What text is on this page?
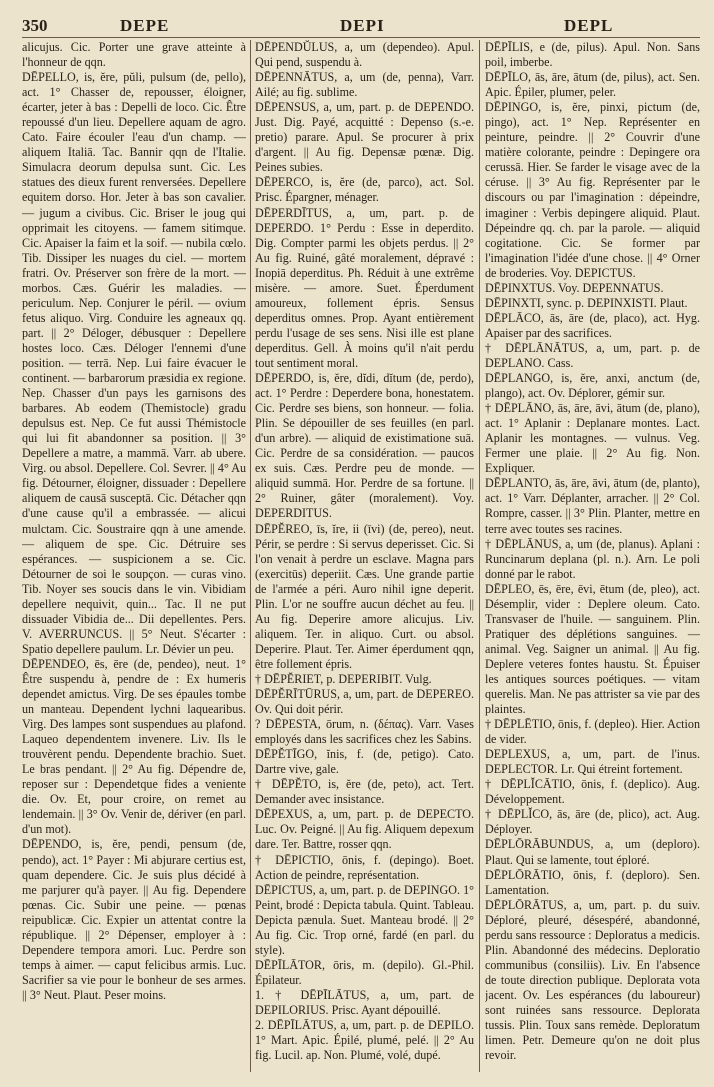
350	DEPE	DEPI	DEPL

alicujus. Cic. Porter une grave atteinte à l'honneur de qqn.

DĒPELLO, is, ĕre, pŭli, pulsum (de, pello), act. 1° Chasser de, repousser, éloigner, écarter, jeter à bas : Depelli de loco. Cic. Être repoussé d'un lieu. Depellere aquam de agro. Cato. Faire écouler l'eau d'un champ. — aliquem Italiā. Tac. Bannir qqn de l'Italie. Simulacra deorum depulsa sunt. Cic. Les statues des dieux furent renversées. Depellere equitem dorso. Hor. Jeter à bas son cavalier. — jugum a civibus. Cic. Briser le joug qui opprimait les citoyens. — famem sitimque. Cic. Apaiser la faim et la soif. — nubila cœlo. Tib. Dissiper les nuages du ciel. — mortem fratri. Ov. Préserver son frère de la mort. — morbos. Cæs. Guérir les maladies. — periculum. Nep. Conjurer le péril. — ovium fetus aliquo. Virg. Conduire les agneaux qq. part. || 2° Déloger, débusquer : Depellere hostes loco. Cæs. Déloger l'ennemi d'une position. — terrā. Nep. Lui faire évacuer le continent. — barbarorum præsidia ex regione. Nep. Chasser d'un pays les garnisons des barbares. Ab eodem (Themistocle) gradu depulsus est. Nep. Ce fut aussi Thémistocle qui lui fit abandonner sa position. || 3° Depellere a matre, a mammā. Varr. ab ubere. Virg. ou absol. Depellere. Col. Sevrer. || 4° Au fig. Détourner, éloigner, dissuader : Depellere aliquem de causā susceptā. Cic. Détacher qqn d'une cause qu'il a embrassée. — alicui mulctam. Cic. Soustraire qqn à une amende. — aliquem de spe. Cic. Détruire ses espérances. — suspicionem a se. Cic. Détourner de soi le soupçon. — curas vino. Tib. Noyer ses soucis dans le vin. Vibidiam depellere nequivit, quin... Tac. Il ne put dissuader Vibidia de... Dii depellentes. Pers. V. AVERRUNCUS. || 5° Neut. S'écarter : Spatio depellere paulum. Lr. Dévier un peu.

DĒPENDEO, ēs, ēre (de, pendeo), neut. 1° Être suspendu à, pendre de : Ex humeris dependet amictus. Virg. De ses épaules tombe un manteau. Dependent lychni laquearibus. Virg. Des lampes sont suspendues au plafond. Laqueo dependentem invenere. Liv. Ils le trouvèrent pendu. Dependente brachio. Suet. Le bras pendant. || 2° Au fig. Dépendre de, reposer sur : Dependetque fides a veniente die. Ov. Et, pour croire, on remet au lendemain. || 3° Ov. Venir de, dériver (en parl. d'un mot).

DĒPENDO, is, ĕre, pendi, pensum (de, pendo), act. 1° Payer : Mi abjurare certius est, quam dependere. Cic. Je suis plus décidé à me parjurer qu'à payer. || Au fig. Dependere pœnas. Cic. Subir une peine. — pœnas reipublicæ. Cic. Expier un attentat contre la république. || 2° Dépenser, employer à : Dependere tempora amori. Luc. Perdre son temps à aimer. — caput felicibus armis. Luc. Sacrifier sa vie pour le bonheur de ses armes. || 3° Neut. Plaut. Peser moins.

DĒPENDŬLUS, a, um (dependeo). Apul. Qui pend, suspendu à.

DĒPENNĀTUS, a, um (de, penna), Varr. Ailé; au fig. sublime.

DĒPENSUS, a, um, part. p. de DEPENDO. Just. Dig. Payé, acquitté : Depenso (s.-e. pretio) parare. Apul. Se procurer à prix d'argent. || Au fig. Depensæ pœnæ. Dig. Peines subies.

DĒPERCO, is, ĕre (de, parco), act. Sol. Prisc. Épargner, ménager.

DĒPERDĪTUS, a, um, part. p. de DEPERDO. 1° Perdu : Esse in deperdito. Dig. Compter parmi les objets perdus. || 2° Au fig. Ruiné, gâté moralement, dépravé : Inopiā deperditus. Ph. Réduit à une extrême misère. — amore. Suet. Éperdument amoureux, follement épris. Sensus deperditus omnes. Prop. Ayant entièrement perdu l'usage de ses sens. Nisi ille est plane deperditus. Gell. À moins qu'il n'ait perdu tout sentiment moral.

DĒPERDO, is, ĕre, dĭdi, dĭtum (de, perdo), act. 1° Perdre : Deperdere bona, honestatem. Cic. Perdre ses biens, son honneur. — folia. Plin. Se dépouiller de ses feuilles (en parl. d'un arbre). — aliquid de existimatione suā. Cic. Perdre de sa considération. — paucos ex suis. Cæs. Perdre peu de monde. — aliquid summā. Hor. Perdre de sa fortune. || 2° Ruiner, gâter (moralement). Voy. DEPERDITUS.

DĒPĔREO, īs, ĭre, ii (īvi) (de, pereo), neut. Périr, se perdre : Si servus deperisset. Cic. Si l'on venait à perdre un esclave. Magna pars (exercitūs) deperiit. Cæs. Une grande partie de l'armée a péri. Auro nihil igne deperit. Plin. L'or ne souffre aucun déchet au feu. || Au fig. Deperire amore alicujus. Liv. aliquem. Ter. in aliquo. Curt. ou absol. Deperire. Plaut. Ter. Aimer éperdument qqn, être follement épris.

† DĒPĔRIET, p. DEPERIBIT. Vulg.

DĒPĔRĪTŪRUS, a, um, part. de DEPEREO. Ov. Qui doit périr.

? DĒPESTA, ōrum, n. (δέπας). Varr. Vases employés dans les sacrifices chez les Sabins.

DĒPĔTĪGO, ĭnis, f. (de, petigo). Cato. Dartre vive, gale.

† DĒPĔTO, is, ĕre (de, peto), act. Tert. Demander avec insistance.

DĒPEXUS, a, um, part. p. de DEPECTO. Luc. Ov. Peigné. || Au fig. Aliquem depexum dare. Ter. Battre, rosser qqn.

† DĒPICTIO, ōnis, f. (depingo). Boet. Action de peindre, représentation.

DĒPICTUS, a, um, part. p. de DEPINGO. 1° Peint, brodé : Depicta tabula. Quint. Tableau. Depicta pænula. Suet. Manteau brodé. || 2° Au fig. Cic. Trop orné, fardé (en parl. du style).

DĒPĪLĀTOR, ōris, m. (depilo). Gl.-Phil. Épilateur.

1. † DĒPĪLĀTUS, a, um, part. de DEPILORIUS. Prisc. Ayant dépouillé.

2. DĒPĪLĀTUS, a, um, part. p. de DEPILO. 1° Mart. Apic. Épilé, plumé, pelé. || 2° Au fig. Lucil. ap. Non. Plumé, volé, dupé.

DĒPĪLIS, e (de, pilus). Apul. Non. Sans poil, imberbe.

DĒPĪLO, ās, āre, ātum (de, pilus), act. Sen. Apic. Épiler, plumer, peler.

DĒPINGO, is, ĕre, pinxi, pictum (de, pingo), act. 1° Nep. Représenter en peinture, peindre. || 2° Couvrir d'une matière colorante, peindre : Depingere ora cerussā. Hier. Se farder le visage avec de la céruse. || 3° Au fig. Représenter par le discours ou par l'imagination : dépeindre, imaginer : Verbis depingere aliquid. Plaut. Dépeindre qq. ch. par la parole. — aliquid cogitatione. Cic. Se former par l'imagination l'idée d'une chose. || 4° Orner de broderies. Voy. DEPICTUS.

DĒPINXTUS. Voy. DEPENNATUS.

DĒPINXTI, sync. p. DEPINXISTI. Plaut.

DĒPLĀCO, ās, āre (de, placo), act. Hyg. Apaiser par des sacrifices.

† DĒPLĀNĀTUS, a, um, part. p. de DEPLANO. Cass.

DĒPLANGO, is, ĕre, anxi, anctum (de, plango), act. Ov. Déplorer, gémir sur.

† DĒPLĀNO, ās, āre, āvi, ātum (de, plano), act. 1° Aplanir : Deplanare montes. Lact. Aplanir les montagnes. — vulnus. Veg. Fermer une plaie. || 2° Au fig. Non. Expliquer.

DĒPLANTO, ās, āre, āvi, ātum (de, planto), act. 1° Varr. Déplanter, arracher. || 2° Col. Rompre, casser. || 3° Plin. Planter, mettre en terre avec toutes ses racines.

† DĒPLĀNUS, a, um (de, planus). Aplani : Runcinarum deplana (pl. n.). Arn. Le poli donné par le rabot.

DĒPLEO, ēs, ēre, ēvi, ētum (de, pleo), act. Désemplir, vider : Deplere oleum. Cato. Transvaser de l'huile. — sanguinem. Plin. Pratiquer des déplétions sanguines. — animal. Veg. Saigner un animal. || Au fig. Deplere veteres fontes haustu. St. Épuiser les antiques sources poétiques. — vitam querelis. Man. Ne pas attrister sa vie par des plaintes.

† DĒPLĒTIO, ōnis, f. (depleo). Hier. Action de vider.

DEPLEXUS, a, um, part. de l'inus. DEPLECTOR. Lr. Qui étreint fortement.

† DĒPLĬCĀTIO, ōnis, f. (deplico). Aug. Développement.

† DĒPLĬCO, ās, āre (de, plico), act. Aug. Déployer.

DĒPLŌRĀBUNDUS, a, um (deploro). Plaut. Qui se lamente, tout éploré.

DĒPLŌRĀTIO, ōnis, f. (deploro). Sen. Lamentation.

DĒPLŌRĀTUS, a, um, part. p. du suiv. Déploré, pleuré, désespéré, abandonné, perdu sans ressource : Deploratus a medicis. Plin. Abandonné des médecins. Deploratio communibus (consiliis). Liv. En l'absence de toute direction publique. Deplorata vota jacent. Ov. Les espérances (du laboureur) sont ruinées sans ressource. Deplorata tussis. Plin. Toux sans remède. Deploratum limen. Petr. Demeure qu'on ne doit plus revoir.
